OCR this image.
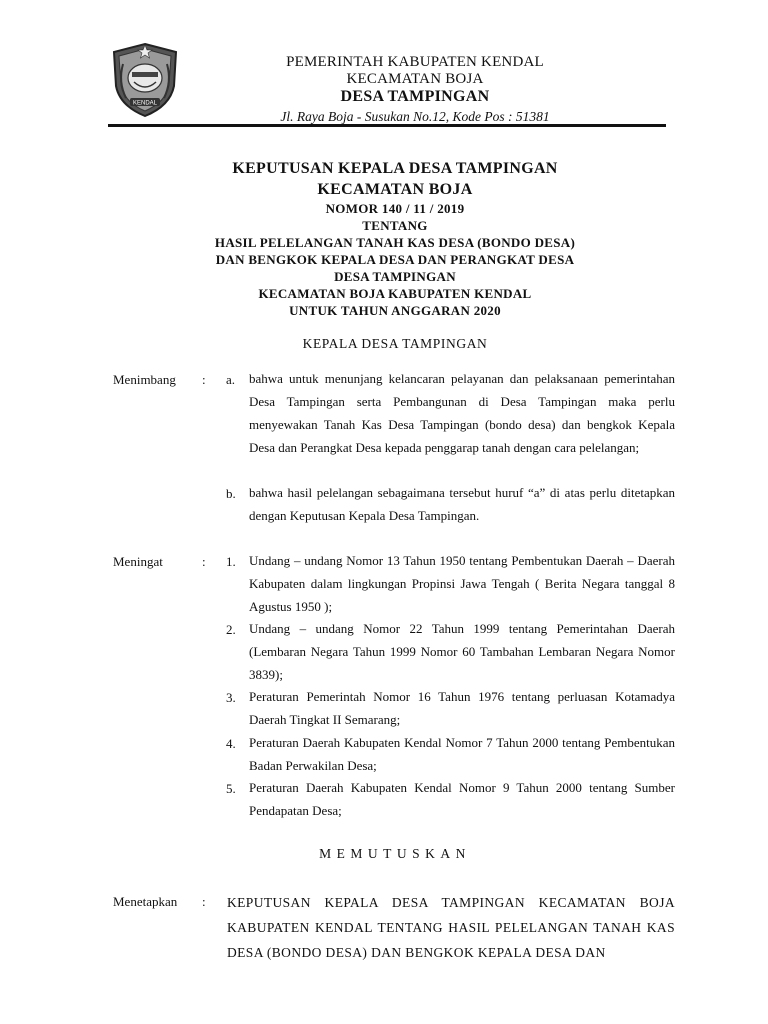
KENDAL
PEMERINTAH KABUPATEN KENDAL
KECAMATAN BOJA
DESA TAMPINGAN
Jl. Raya Boja - Susukan No.12, Kode Pos : 51381
KEPUTUSAN KEPALA DESA TAMPINGAN
KECAMATAN BOJA
NOMOR 140 / 11 / 2019
TENTANG
HASIL PELELANGAN TANAH KAS DESA (BONDO DESA)
DAN BENGKOK KEPALA DESA DAN PERANGKAT DESA
DESA TAMPINGAN
KECAMATAN BOJA KABUPATEN KENDAL
UNTUK TAHUN ANGGARAN 2020
KEPALA DESA TAMPINGAN
Menimbang : a. bahwa untuk menunjang kelancaran pelayanan dan pelaksanaan pemerintahan Desa Tampingan serta Pembangunan di Desa Tampingan maka perlu menyewakan Tanah Kas Desa Tampingan (bondo desa) dan bengkok Kepala Desa dan Perangkat Desa kepada penggarap tanah dengan cara pelelangan;
b. bahwa hasil pelelangan sebagaimana tersebut huruf “a” di atas perlu ditetapkan dengan Keputusan Kepala Desa Tampingan.
Meningat	: 1. Undang – undang Nomor 13 Tahun 1950 tentang Pembentukan Daerah – Daerah Kabupaten dalam lingkungan Propinsi Jawa Tengah ( Berita Negara tanggal 8 Agustus 1950 );
2. Undang – undang Nomor 22 Tahun 1999 tentang Pemerintahan Daerah (Lembaran Negara Tahun 1999 Nomor 60 Tambahan Lembaran Negara Nomor 3839);
3. Peraturan Pemerintah Nomor 16 Tahun 1976 tentang perluasan Kotamadya Daerah Tingkat II Semarang;
4. Peraturan Daerah Kabupaten Kendal Nomor 7 Tahun 2000 tentang Pembentukan Badan Perwakilan Desa;
5. Peraturan Daerah Kabupaten Kendal Nomor 9 Tahun 2000 tentang Sumber Pendapatan Desa;
MEMUTUSKAN
Menetapkan : KEPUTUSAN KEPALA DESA TAMPINGAN KECAMATAN BOJA KABUPATEN KENDAL TENTANG HASIL PELELANGAN TANAH KAS DESA (BONDO DESA) DAN BENGKOK KEPALA DESA DAN
